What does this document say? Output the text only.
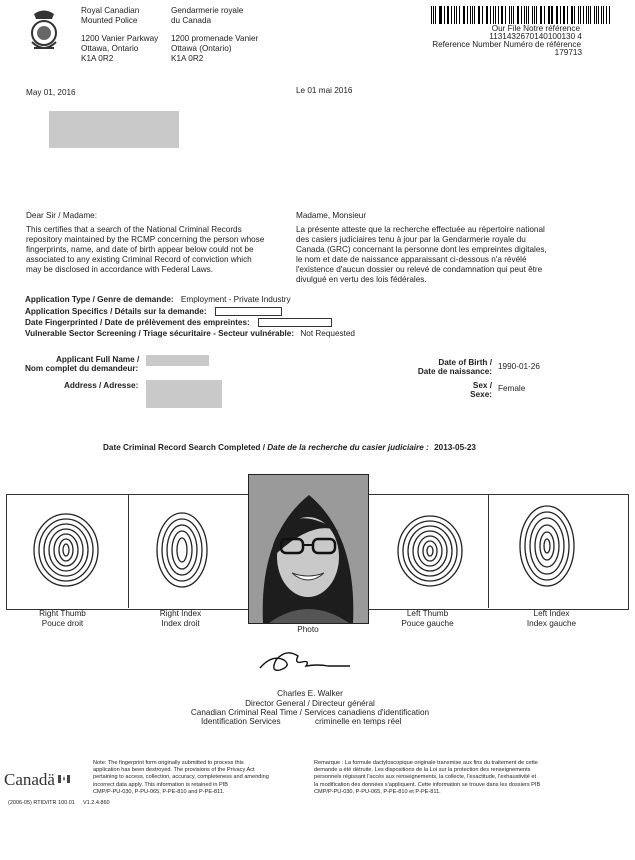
Royal Canadian
Mounted Police
Gendarmerie royale
du Canada
1200 Vanier Parkway
Ottawa, Ontario
K1A 0R2
1200 promenade Vanier
Ottawa (Ontario)
K1A 0R2
Our File Notre référence
1131432670140100130 4
Reference Number Numéro de référence
179713
May 01, 2016	Le 01 mai 2016
Dear Sir / Madame:	Madame, Monsieur
This certifies that a search of the National Criminal Records
repository maintained by the RCMP concerning the person whose
fingerprints, name, and date of birth appear below could not be
associated to any existing Criminal Record of conviction which
may be disclosed in accordance with Federal Laws.
La présente atteste que la recherche effectuée au répertoire national
des casiers judiciaires tenu à jour par la Gendarmerie royale du
Canada (GRC) concernant la personne dont les empreintes digitales,
le nom et date de naissance apparaissant ci-dessous n'a révélé
l'existence d'aucun dossier ou relevé de condamnation qui peut être
divulgué en vertu des lois fédérales.
Application Type / Genre de demande: Employment - Private Industry
Application Specifics / Détails sur la demande:
Date Fingerprinted / Date de prélèvement des empreintes:
Vulnerable Sector Screening / Triage sécuritaire - Secteur vulnérable: Not Requested
Applicant Full Name /
Nom complet du demandeur:
Address / Adresse:
Date of Birth /
Date de naissance:
1990-01-26
Sex /
Sexe:
Female
Date Criminal Record Search Completed / Date de la recherche du casier judiciaire : 2013-05-23
Right Thumb
Pouce droit
Right Index
Index droit
Photo
Left Thumb
Pouce gauche
Left Index
Index gauche
Charles E. Walker
Director General / Directeur général
Canadian Criminal Real Time / Services canadiens d'identification
Identification Services	criminelle en temps réel
Canadä
(2006-05) RTID/ITR 100.01 V1.2.4.860
Note: The fingerprint form originally submitted to process this
application has been destroyed. The provisions of the Privacy Act
pertaining to access, collection, accuracy, completeness and amending
incorrect data apply. This information is retained in PIB
CMP/P-PU-030, P-PU-065, P-PE-810 and P-PE-811.
Remarque : La formule dactyloscopique originale transmise aux fins du traitement de cette
demande a été détruite. Les dispositions de la Loi sur la protection des renseignements
personnels régissant l'accès aux renseignements, la collecte, l'exactitude, l'exhaustivité et
la modification des données s'appliquent. Cette information se trouve dans les dossiers PIB
CMP/P-PU-030, P-PU-065, P-PE-810 et P-PE-811.
